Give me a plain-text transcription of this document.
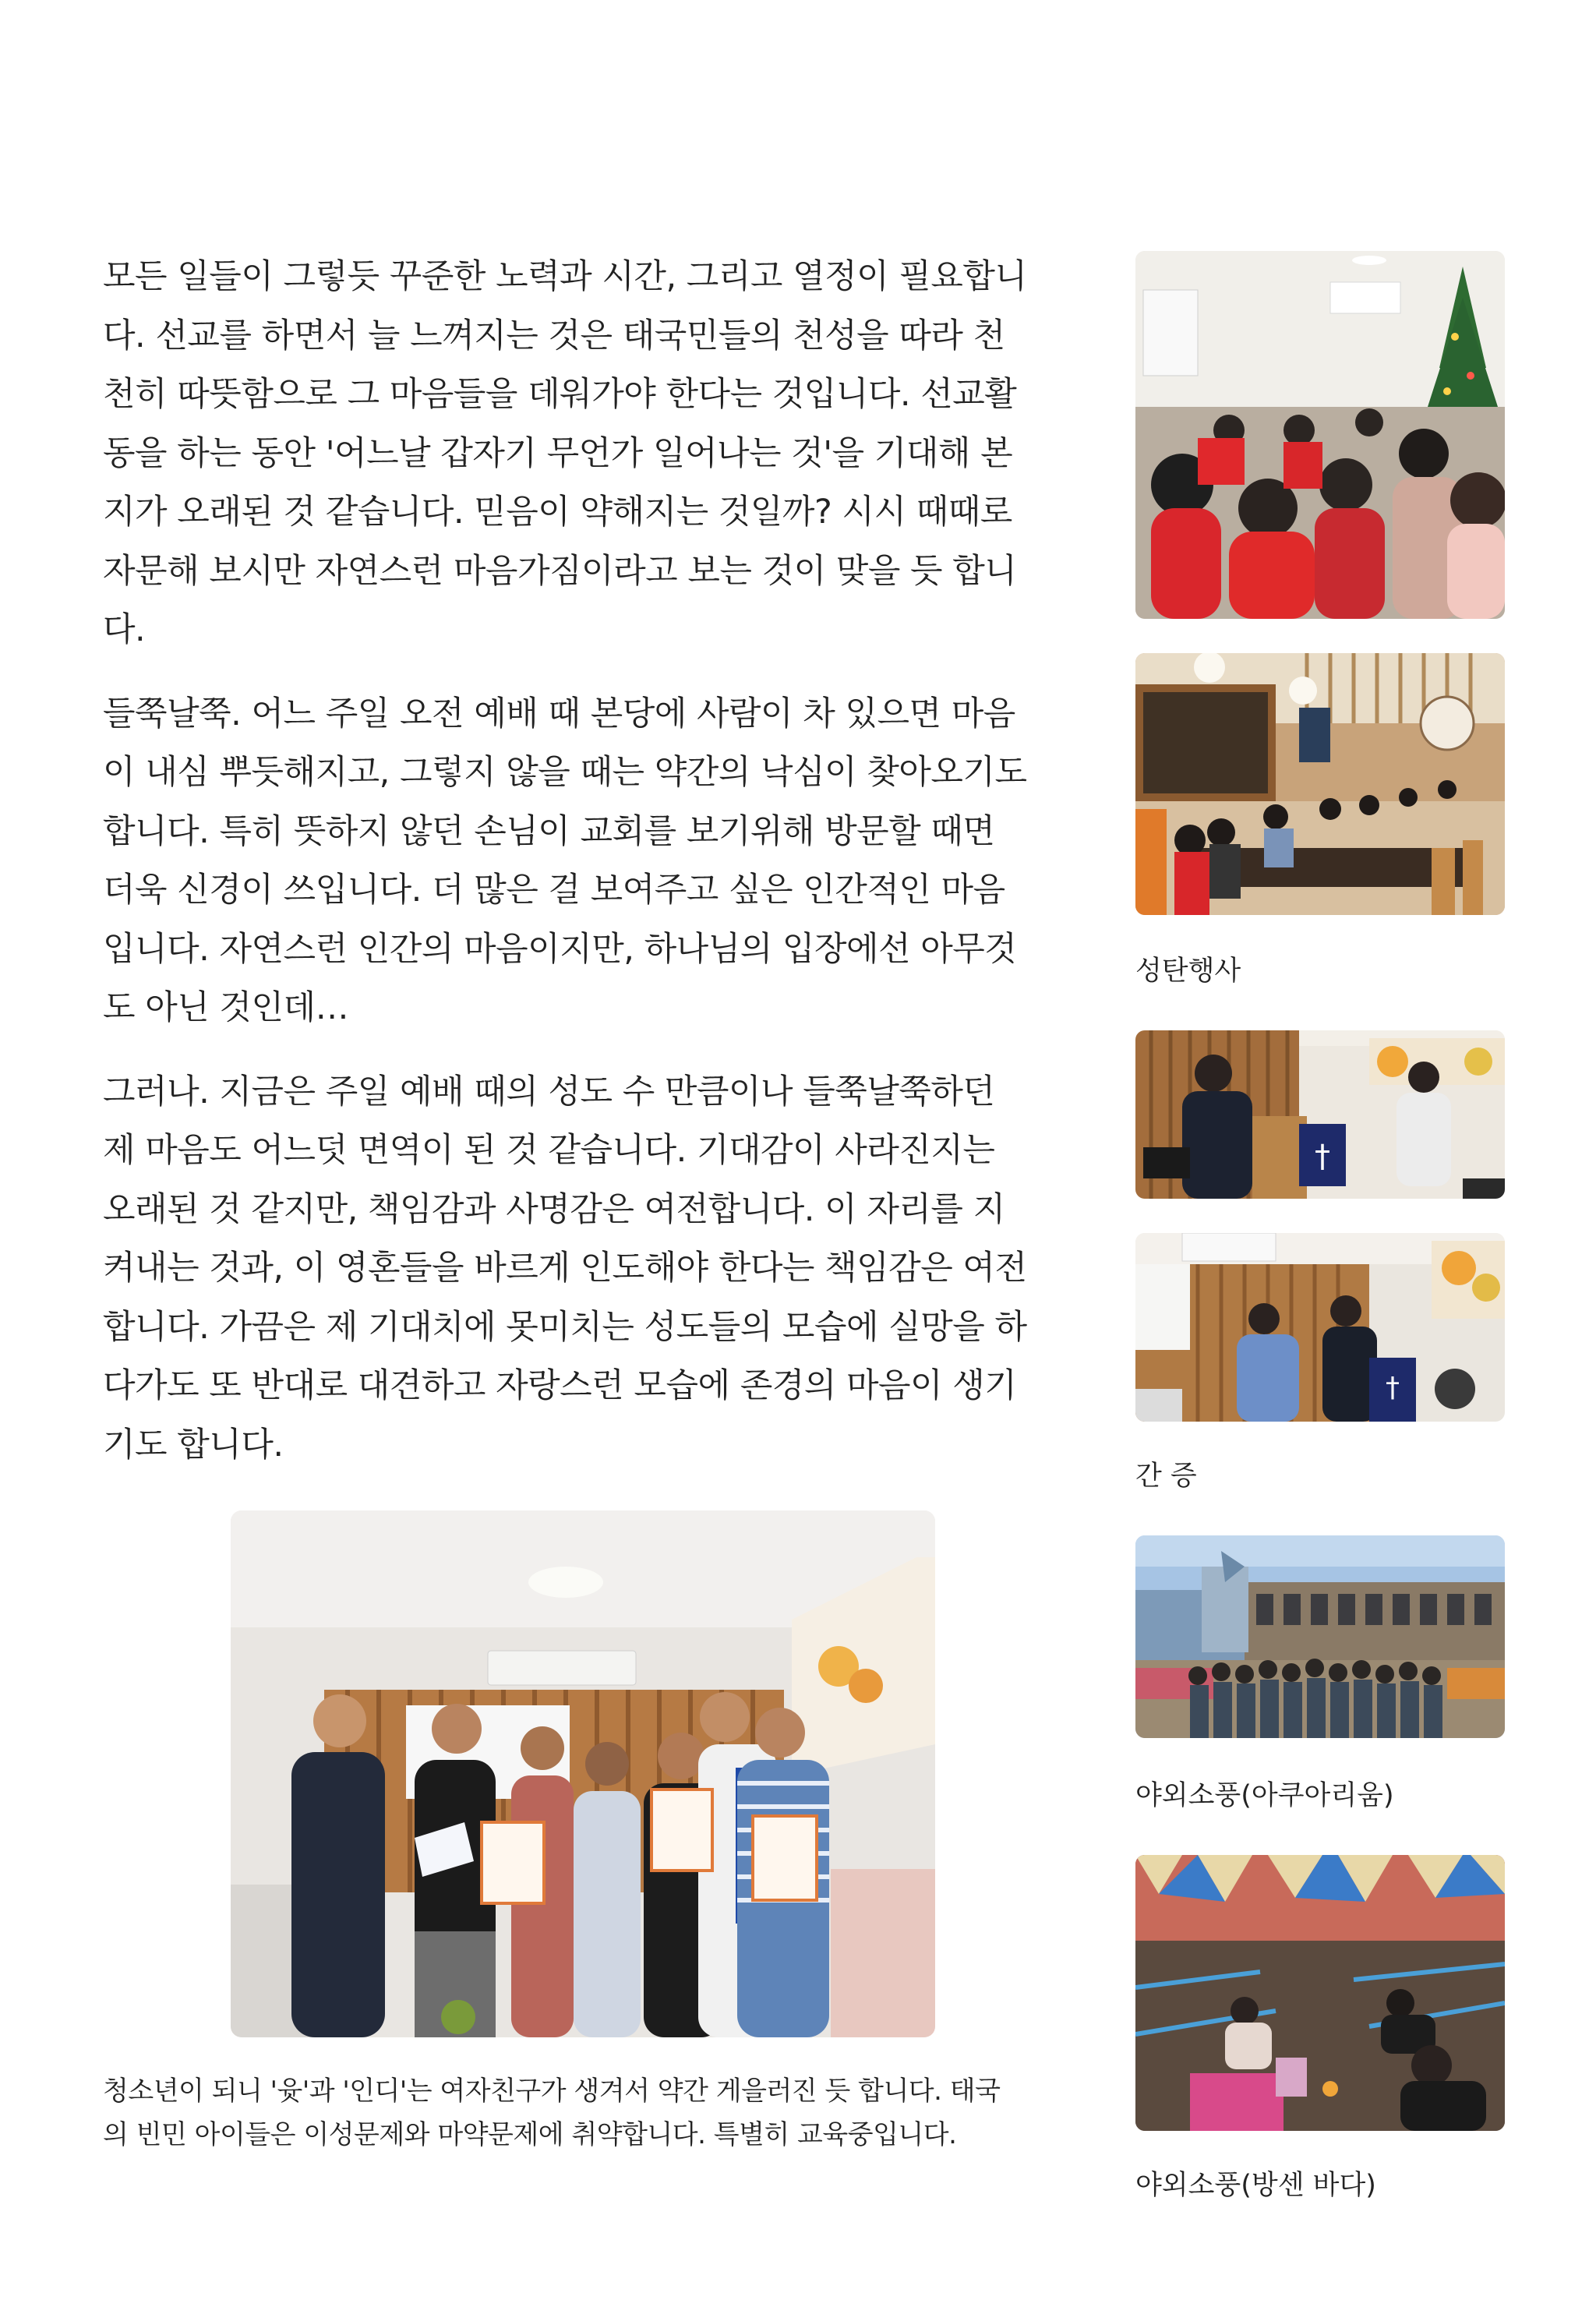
모든 일들이 그렇듯 꾸준한 노력과 시간, 그리고 열정이 필요합니
다. 선교를 하면서 늘 느껴지는 것은 태국민들의 천성을 따라 천
천히 따뜻함으로 그 마음들을 데워가야 한다는 것입니다. 선교활
동을 하는 동안 '어느날 갑자기 무언가 일어나는 것'을 기대해 본
지가 오래된 것 같습니다. 믿음이 약해지는 것일까? 시시 때때로
자문해 보시만 자연스런 마음가짐이라고 보는 것이 맞을 듯 합니
다.

들쭉날쭉. 어느 주일 오전 예배 때 본당에 사람이 차 있으면 마음
이 내심 뿌듯해지고, 그렇지 않을 때는 약간의 낙심이 찾아오기도
합니다. 특히 뜻하지 않던 손님이 교회를 보기위해 방문할 때면
더욱 신경이 쓰입니다. 더 많은 걸 보여주고 싶은 인간적인 마음
입니다. 자연스런 인간의 마음이지만, 하나님의 입장에선 아무것
도 아닌 것인데…

그러나. 지금은 주일 예배 때의 성도 수 만큼이나 들쭉날쭉하던
제 마음도 어느덧 면역이 된 것 같습니다. 기대감이 사라진지는
오래된 것 같지만, 책임감과 사명감은 여전합니다. 이 자리를 지
켜내는 것과, 이 영혼들을 바르게 인도해야 한다는 책임감은 여전
합니다. 가끔은 제 기대치에 못미치는 성도들의 모습에 실망을 하
다가도 또 반대로 대견하고 자랑스런 모습에 존경의 마음이 생기
기도 합니다.

청소년이 되니 '윳'과 '인디'는 여자친구가 생겨서 약간 게을러진 듯 합니다. 태국
의 빈민 아이들은 이성문제와 마약문제에 취약합니다. 특별히 교육중입니다.
성탄행사
†
†
간 증
야외소풍(아쿠아리움)
야외소풍(방센 바다)
